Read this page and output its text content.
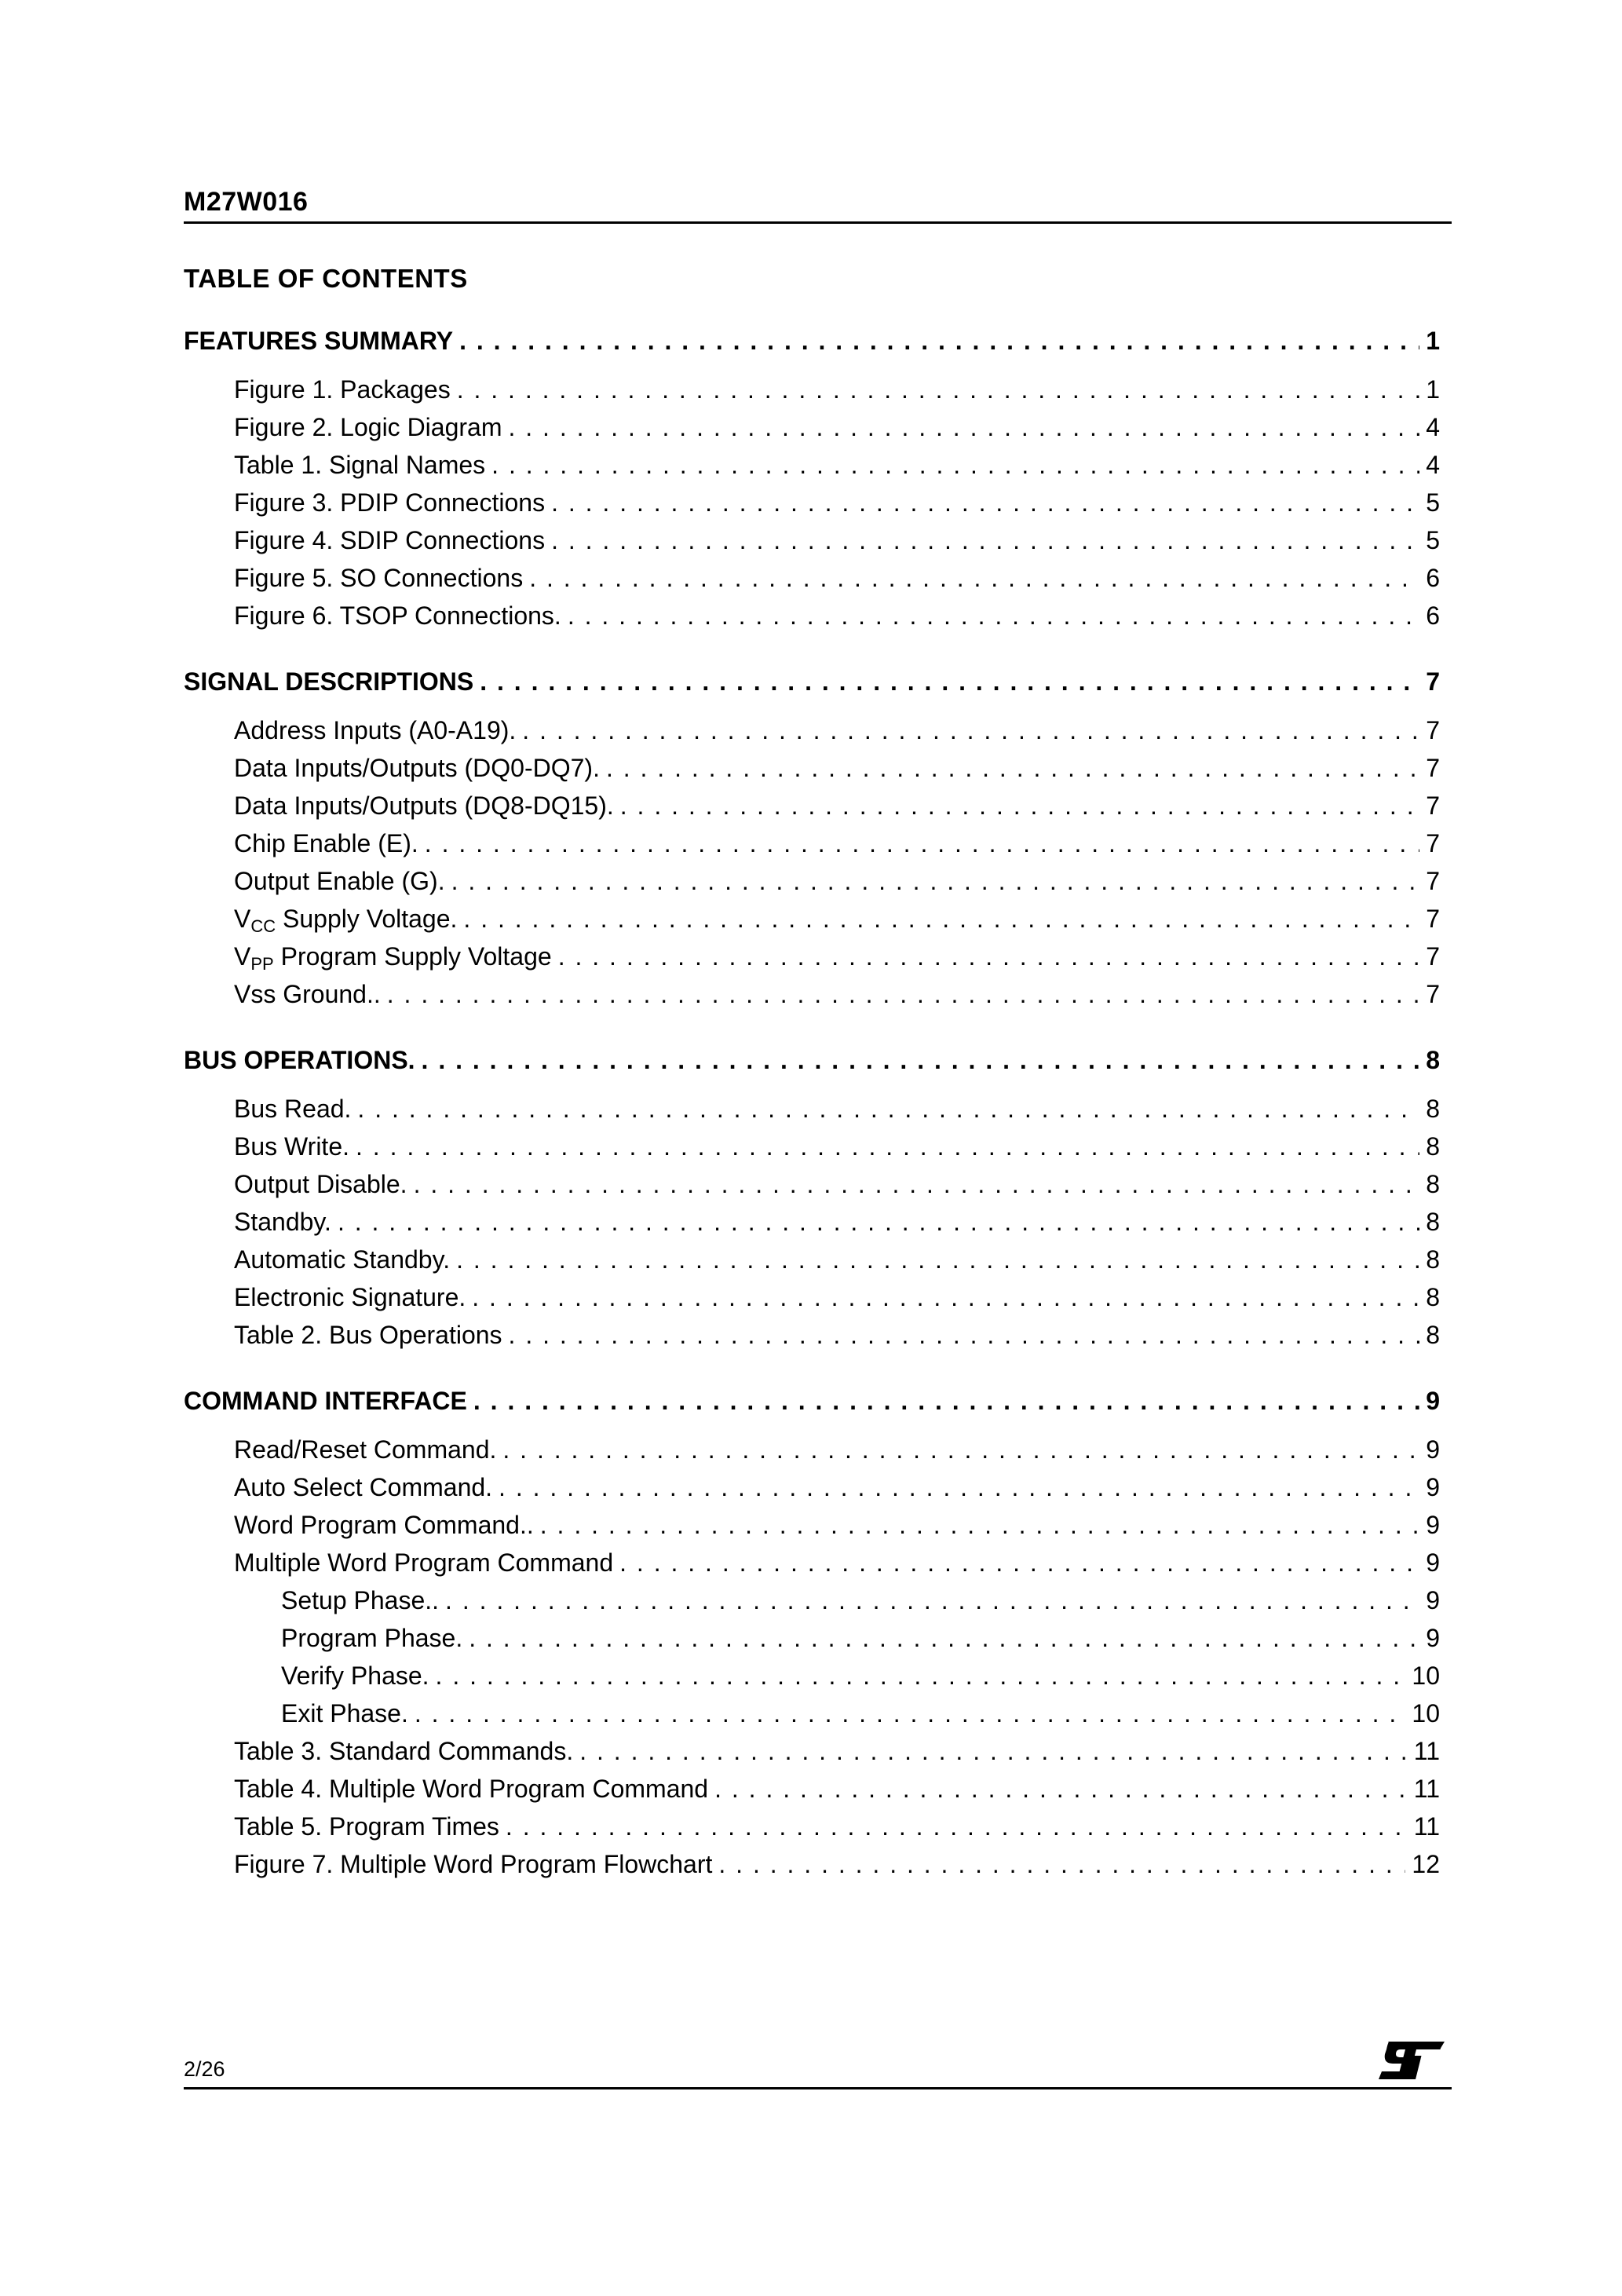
M27W016
TABLE OF CONTENTS
FEATURES SUMMARY . . .	1
Figure 1. Packages . . .	1
Figure 2. Logic Diagram . . .	4
Table 1. Signal Names . . .	4
Figure 3. PDIP Connections . . .	5
Figure 4. SDIP Connections . . .	5
Figure 5. SO Connections . . .	6
Figure 6. TSOP Connections. . . .	6
SIGNAL DESCRIPTIONS . . .	7
Address Inputs (A0-A19). . . .	7
Data Inputs/Outputs (DQ0-DQ7). . . .	7
Data Inputs/Outputs (DQ8-DQ15). . . .	7
Chip Enable (E). . . .	7
Output Enable (G). . . .	7
$V_{CC}$ Supply Voltage. . . .	7
$V_{PP}$ Program Supply Voltage . . .	7
Vss Ground.. . . .	7
BUS OPERATIONS. . . .	8
Bus Read. . . .	8
Bus Write. . . .	8
Output Disable. . . .	8
Standby. . . .	8
Automatic Standby. . . .	8
Electronic Signature. . . .	8
Table 2. Bus Operations . . .	8
COMMAND INTERFACE . . .	9
Read/Reset Command. . . .	9
Auto Select Command. . . .	9
Word Program Command.. . . .	9
Multiple Word Program Command . . .	9
Setup Phase.. . . .	9
Program Phase. . . .	9
Verify Phase. . . .	10
Exit Phase. . . .	10
Table 3. Standard Commands. . . .	11
Table 4. Multiple Word Program Command . . .	11
Table 5. Program Times . . .	11
Figure 7. Multiple Word Program Flowchart . . .	12
2/26
